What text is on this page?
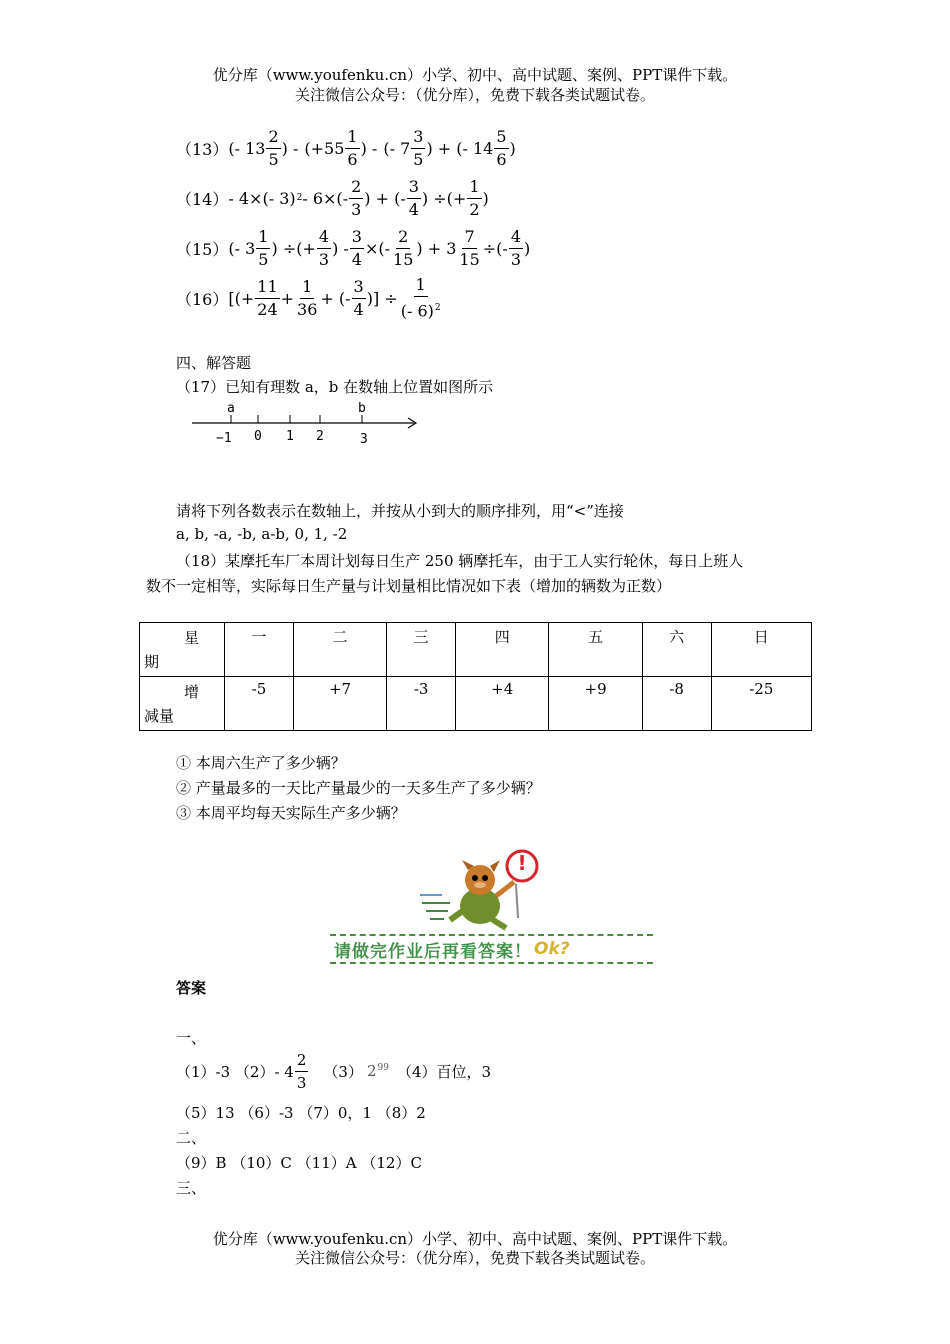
优分库（www.youfenku.cn）小学、初中、高中试题、案例、PPT课件下载。
关注微信公众号：（优分库），免费下载各类试题试卷。
（13） (- $13 \frac{2}{5}$ ) - ($+55 \frac{1}{6}$ ) - (- $7 \frac{3}{5}$ ) + (- $14 \frac{5}{6}$ )
（14） - 4×(- 3) $2 - 6\times(- \frac{2}{3}$ ) + (- $\frac{3}{4}$ ) ÷(+ $\frac{1}{2}$ )
（15） (- $3 \frac{1}{5}$ ) ÷(+ $\frac{4}{3}$ ) - $\frac{3}{4}$ ×(- $\frac{2}{15}$ ) + $3 \frac{7}{15}$ ÷(- $\frac{4}{3}$ )
（16） [(+ $\frac{11}{24} + \frac{1}{36}$ + (- $\frac{3}{4}$ )] ÷ $\frac{1}{(- 6)^2}$
四、解答题
（17）已知有理数 a，b 在数轴上位置如图所示
a	b
−1 0 1 2	3
请将下列各数表示在数轴上，并按从小到大的顺序排列，用“<”连接
a, b, -a, -b, a-b, 0, 1, -2
（18）某摩托车厂本周计划每日生产 250 辆摩托车，由于工人实行轮休，每日上班人
数不一定相等，实际每日生产量与计划量相比情况如下表（增加的辆数为正数）
星
期	一	二	三	四	五	六	日

增
减量	-5	+7	-3	+4	+9	-8	-25
① 本周六生产了多少辆？
② 产量最多的一天比产量最少的一天多生产了多少辆？
③ 本周平均每天实际生产多少辆？
!
请做完作业后再看答案！ Ok?
答案
一、
（1）-3 （2）- $4 \frac{2}{3} (3)$ $2^{99}$ （4）百位，3
（5）13 （6）-3 （7）0，1 （8）2
二、
（9）B （10）C （11）A （12）C
三、
优分库（www.youfenku.cn）小学、初中、高中试题、案例、PPT课件下载。
关注微信公众号：（优分库），免费下载各类试题试卷。
